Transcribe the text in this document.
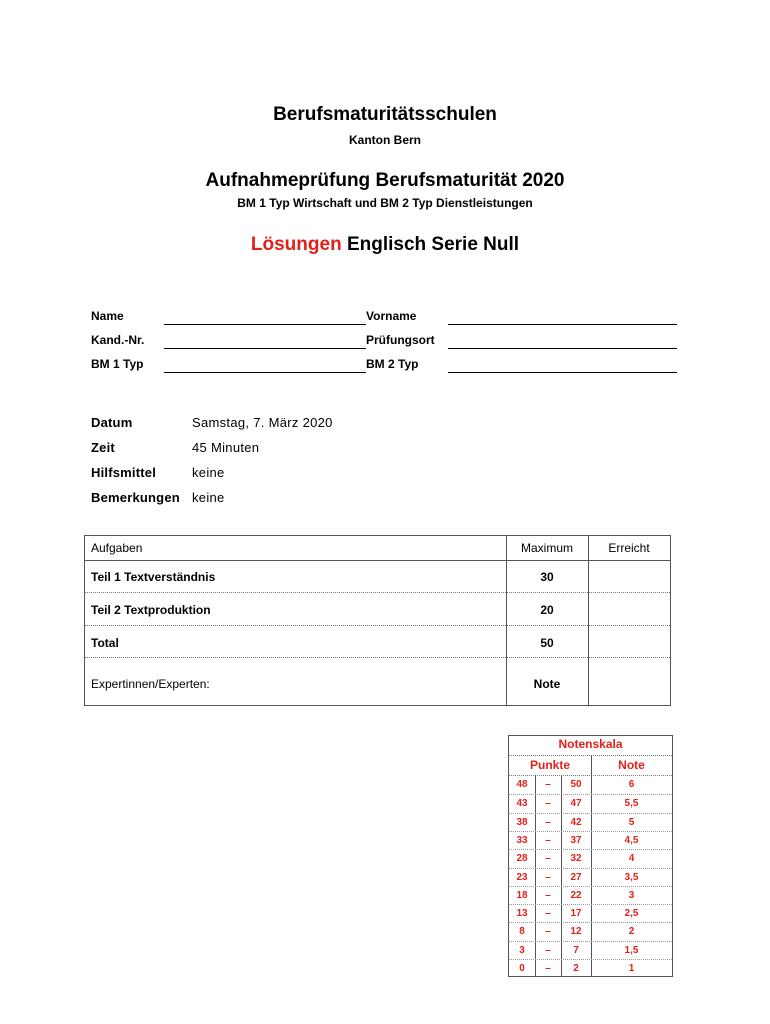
Berufsmaturitätsschulen
Kanton Bern
Aufnahmeprüfung Berufsmaturität 2020
BM 1 Typ Wirtschaft und BM 2 Typ Dienstleistungen
Lösungen Englisch Serie Null
Name	Vorname
Kand.-Nr.	Prüfungsort
BM 1 Typ	BM 2 Typ
Datum	Samstag, 7. März 2020
Zeit	45 Minuten
Hilfsmittel	keine
Bemerkungen keine
Aufgaben	Maximum	Erreicht
Teil 1 Textverständnis	30
Teil 2 Textproduktion	20
Total	50
Expertinnen/Experten:	Note
Notenskala
Punkte	Note
48	–	50	6
43	–	47	5,5
38	–	42	5
33	–	37	4,5
28	–	32	4
23	–	27	3,5
18	–	22	3
13	–	17	2,5
8	–	12	2
3	–	7	1,5
0	–	2	1
